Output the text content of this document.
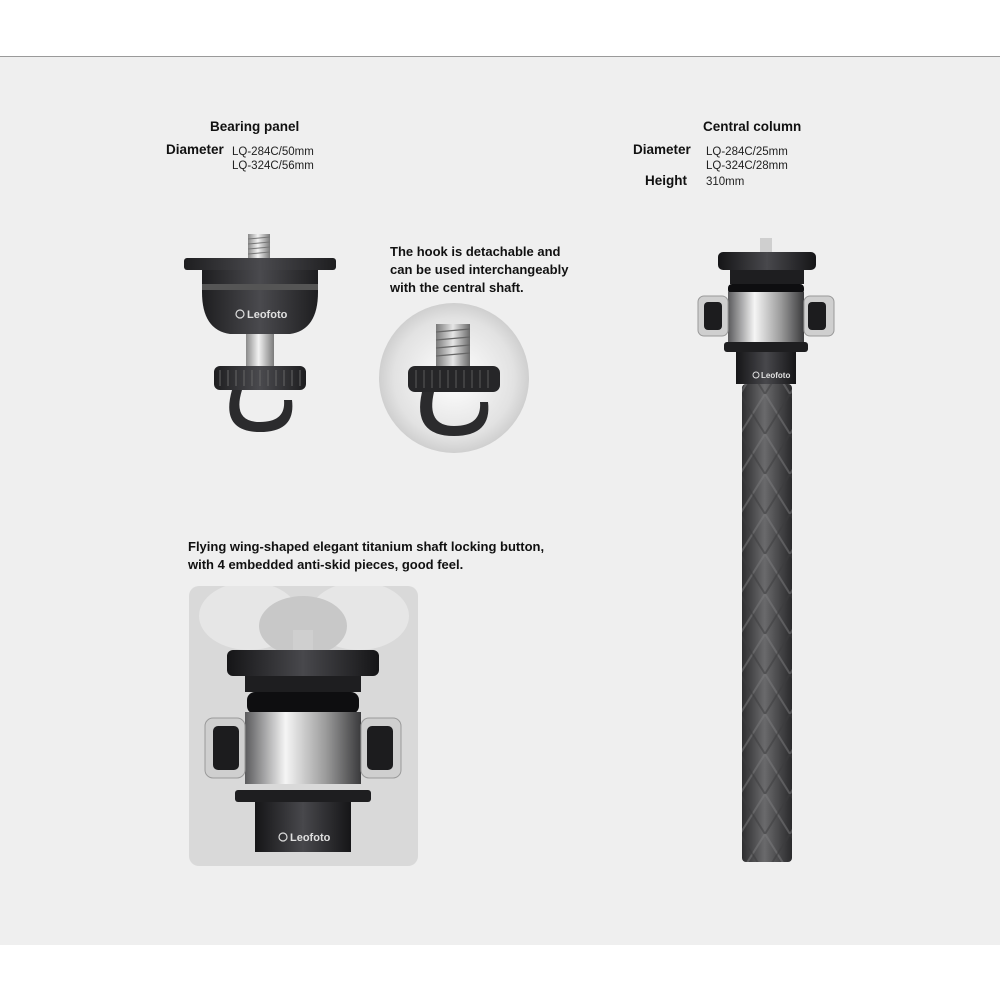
Bearing panel
Diameter LQ-284C/50mm
LQ-324C/56mm
Central column
Diameter LQ-284C/25mm
LQ-324C/28mm
Height 310mm
The hook is detachable and
can be used interchangeably
with the central shaft.
Flying wing-shaped elegant titanium shaft locking button,
with 4 embedded anti-skid pieces, good feel.
Leofoto
Leofoto
Leofoto
